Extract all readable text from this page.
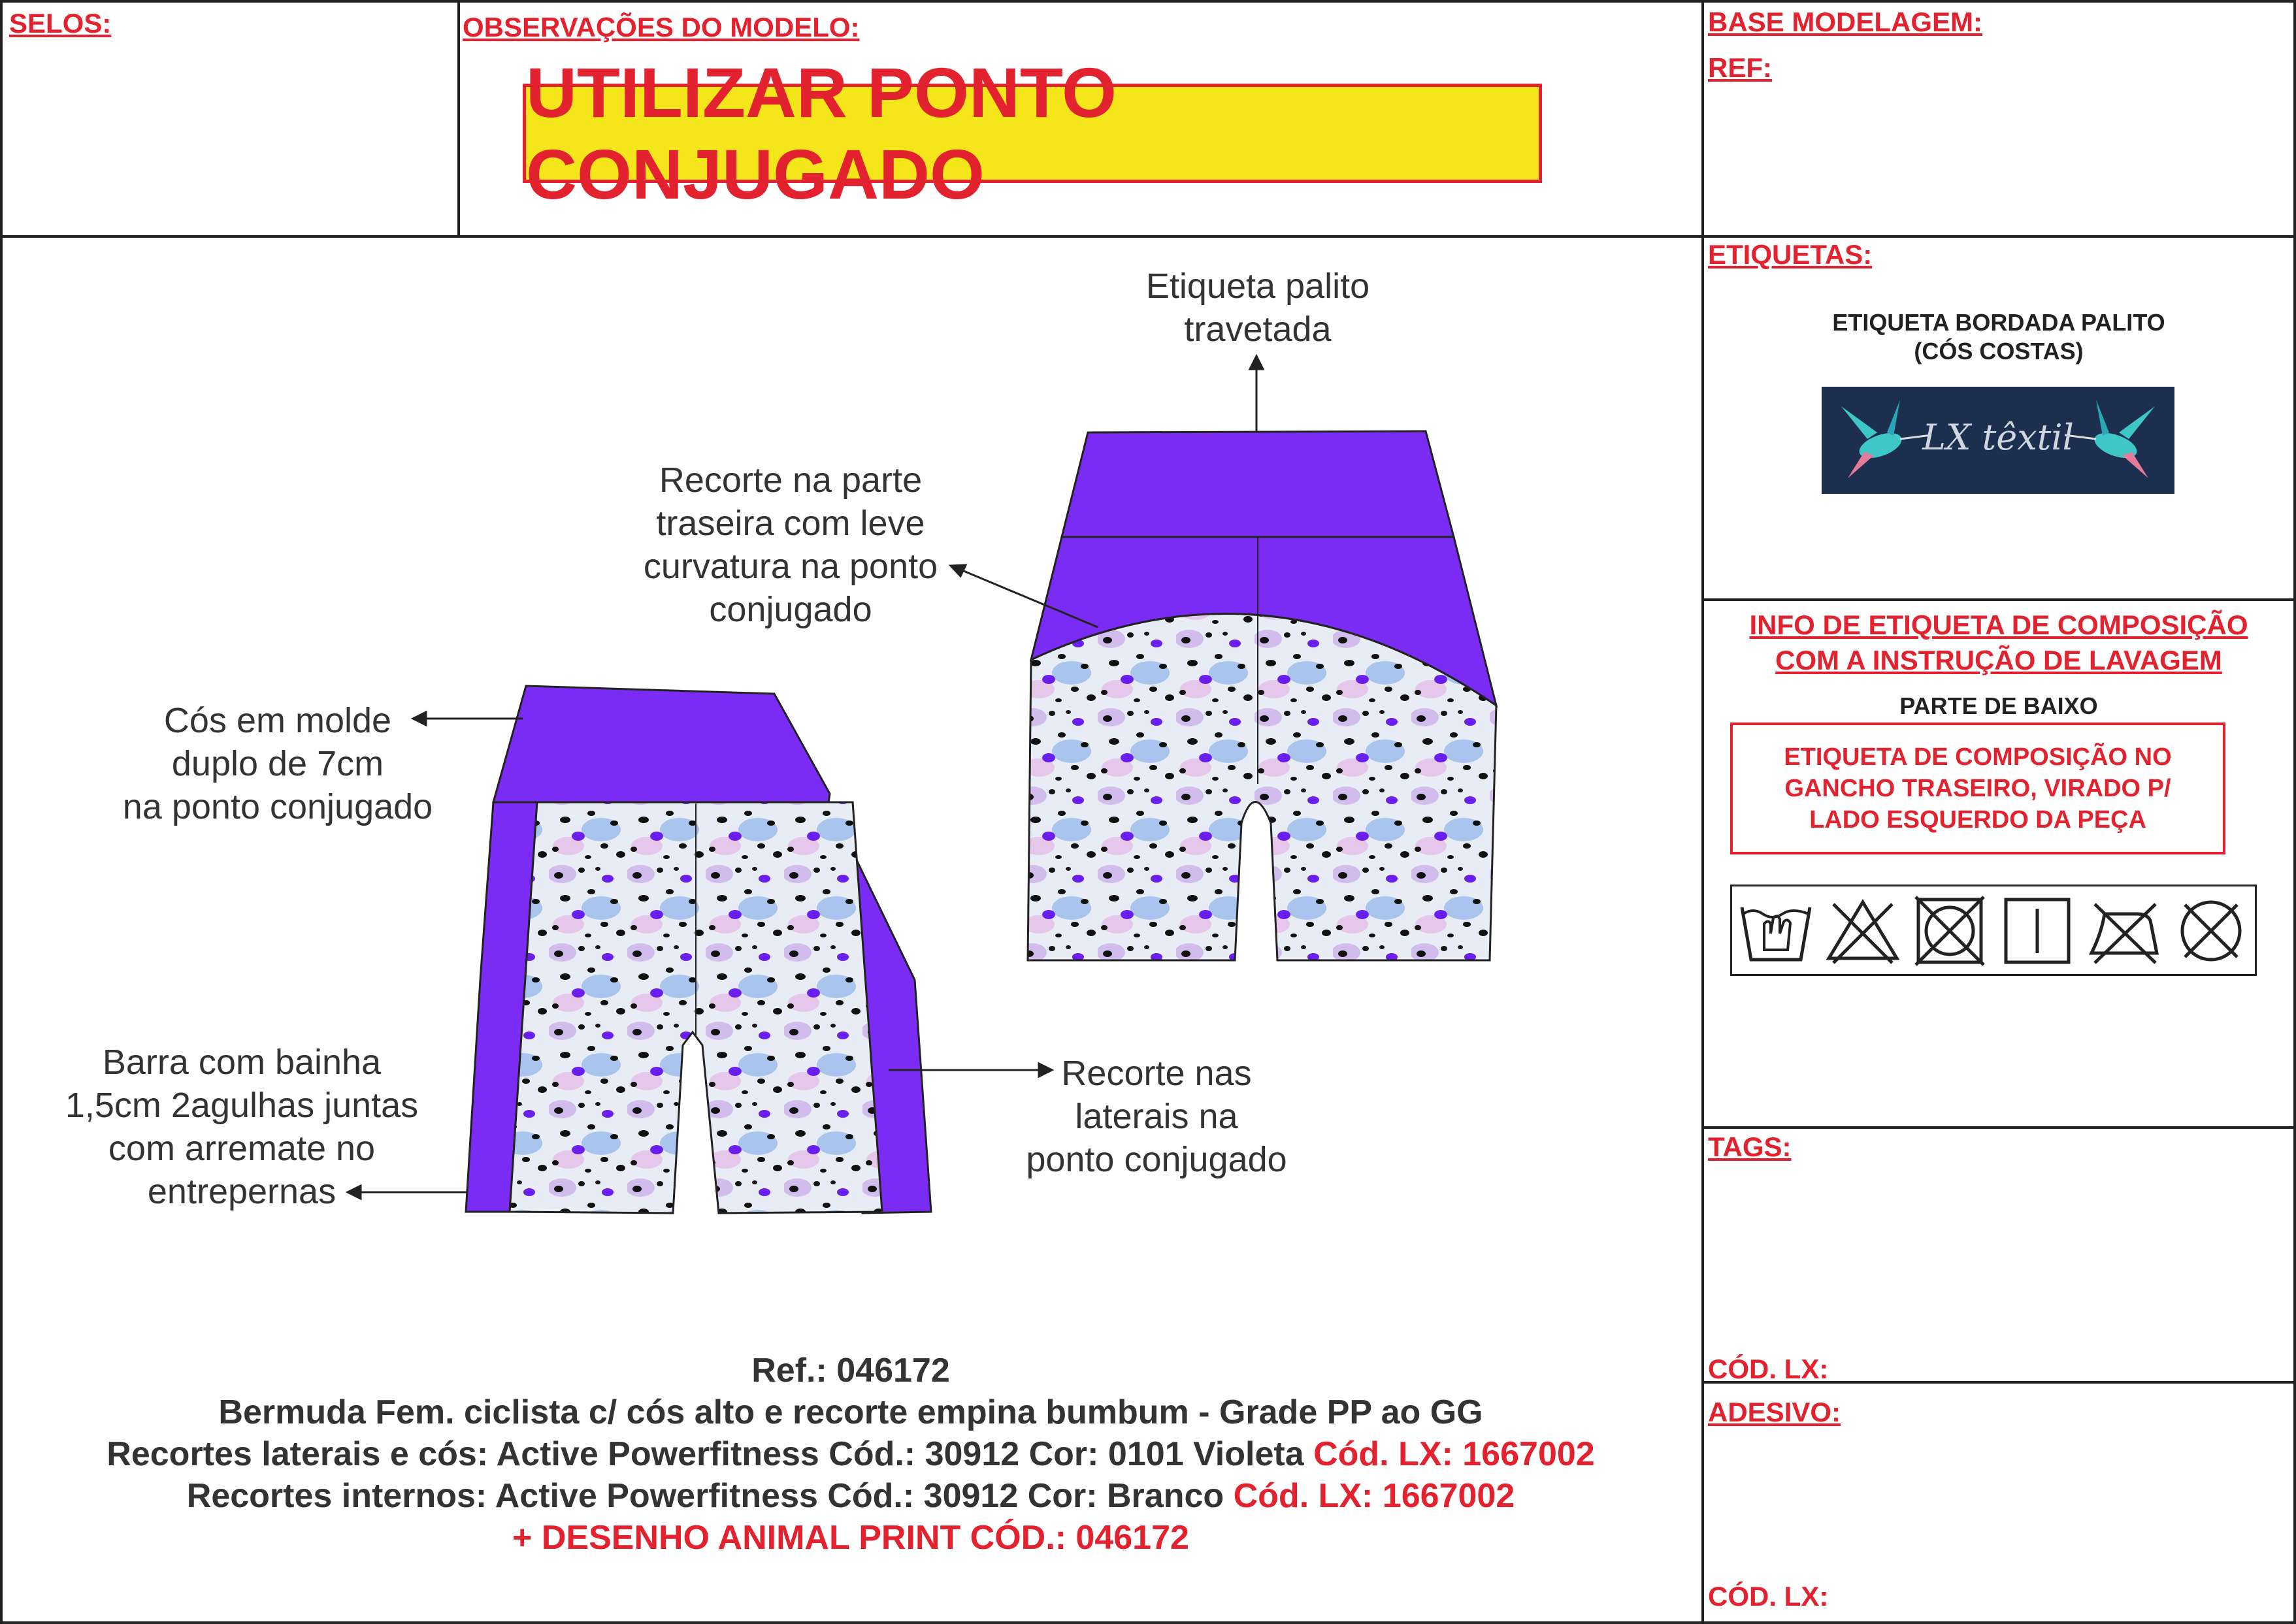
SELOS:	OBSERVAÇÕES DO MODELO:
UTILIZAR PONTO CONJUGADO
BASE MODELAGEM:
REF:
Etiqueta palito
travetada
Recorte na parte
traseira com leve
curvatura na ponto
conjugado
Cós em molde
duplo de 7cm
na ponto conjugado
Barra com bainha
1,5cm 2agulhas juntas
com arremate no
entrepernas
Recorte nas
laterais na
ponto conjugado
ETIQUETAS:
ETIQUETA BORDADA PALITO
(CÓS COSTAS)
LX têxtil
INFO DE ETIQUETA DE COMPOSIÇÃO
COM A INSTRUÇÃO DE LAVAGEM
PARTE DE BAIXO
ETIQUETA DE COMPOSIÇÃO NO
GANCHO TRASEIRO, VIRADO P/
LADO ESQUERDO DA PEÇA
TAGS:
CÓD. LX:
ADESIVO:
CÓD. LX:
Ref.: 046172
Bermuda Fem. ciclista c/ cós alto e recorte empina bumbum - Grade PP ao GG
Recortes laterais e cós: Active Powerfitness Cód.: 30912 Cor: 0101 Violeta Cód. LX: 1667002
Recortes internos: Active Powerfitness Cód.: 30912 Cor: Branco Cód. LX: 1667002
+ DESENHO ANIMAL PRINT CÓD.: 046172
